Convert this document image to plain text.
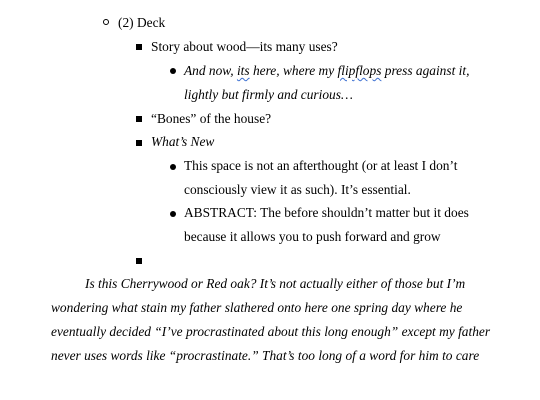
(2) Deck
Story about wood—its many uses?
And now, its here, where my flipflops press against it,
lightly but firmly and curious…
“Bones” of the house?
What’s New
This space is not an afterthought (or at least I don’t
consciously view it as such). It’s essential.
ABSTRACT: The before shouldn’t matter but it does
because it allows you to push forward and grow
Is this Cherrywood or Red oak? It’s not actually either of those but I’m
wondering what stain my father slathered onto here one spring day where he
eventually decided “I’ve procrastinated about this long enough” except my father
never uses words like “procrastinate.” That’s too long of a word for him to care
